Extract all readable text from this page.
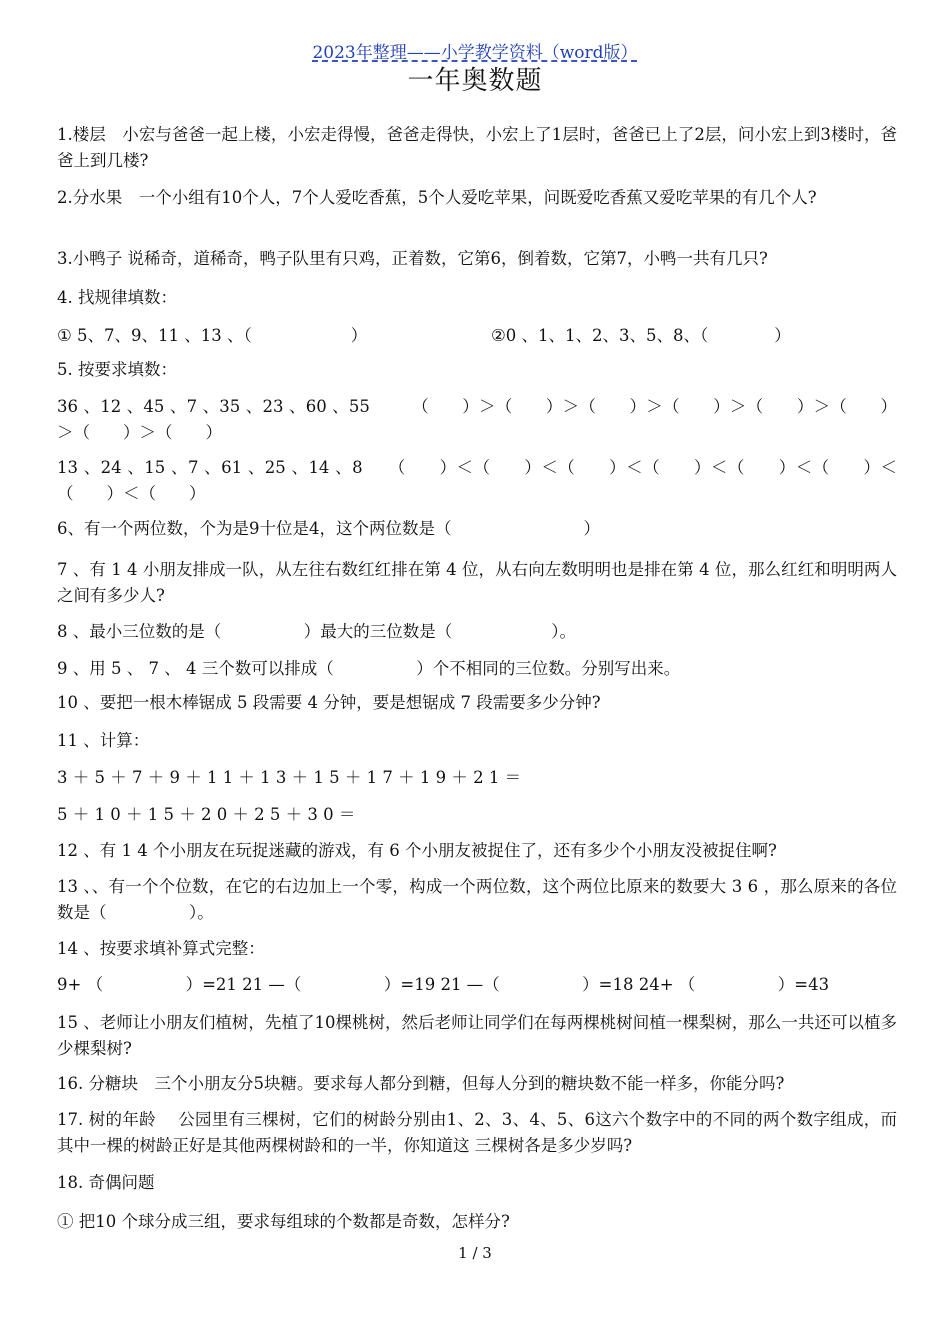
2023年整理——小学教学资料（word版）
一年奥数题
1.楼层　小宏与爸爸一起上楼，小宏走得慢，爸爸走得快，小宏上了1层时，爸爸已上了2层，问小宏上到3楼时，爸爸上到几楼?
2.分水果　一个小组有10个人，7个人爱吃香蕉，5个人爱吃苹果，问既爱吃香蕉又爱吃苹果的有几个人?
3.小鸭子 说稀奇，道稀奇，鸭子队里有只鸡，正着数，它第6，倒着数，它第7，小鸭一共有几只?
4. 找规律填数：
① 5、7、9、11 、13 、（　　　　　　）　　　　　　　　②0 、1、1、2、3、5、8、（　　　　）
5. 按要求填数：
36 、12 、45 、7 、35 、23 、60 、55　　　（　　）＞（　　）＞（　　）＞（　　）＞（　　）＞（　　）＞（　　）＞（　　）
13 、24 、15 、7 、61 、25 、14 、8　　（　　）＜（　　）＜（　　）＜（　　）＜（　　）＜（　　）＜（　　）＜（　　）
6、有一个两位数，个为是9十位是4，这个两位数是（　　　　　　　　）
7 、有 1 4 小朋友排成一队，从左往右数红红排在第 4 位，从右向左数明明也是排在第 4 位，那么红红和明明两人之间有多少人?
8 、最小三位数的是（　　　　　）最大的三位数是（　　　　　　）。
9 、用 5 、 7 、 4 三个数可以排成（　　　　　）个不相同的三位数。分别写出来。
10 、要把一根木棒锯成 5 段需要 4 分钟，要是想锯成 7 段需要多少分钟?
11 、计算：
3 ＋ 5 ＋ 7 ＋ 9 ＋ 1 1 ＋ 1 3 ＋ 1 5 ＋ 1 7 ＋ 1 9 ＋ 2 1 ＝
5 ＋ 1 0 ＋ 1 5 ＋ 2 0 ＋ 2 5 ＋ 3 0 ＝
12 、有 1 4 个小朋友在玩捉迷藏的游戏，有 6 个小朋友被捉住了，还有多少个小朋友没被捉住啊?
13 、、有一个个位数，在它的右边加上一个零，构成一个两位数，这个两位比原来的数要大 3 6 ，那么原来的各位数是（　　　　　）。
14 、按要求填补算式完整：
9+ （　　　　　）=21 21 —（　　　　　）=19 21 —（　　　　　）=18 24+ （　　　　　）=43
15 、老师让小朋友们植树，先植了10棵桃树，然后老师让同学们在每两棵桃树间植一棵梨树，那么一共还可以植多少棵梨树?
16. 分糖块　三个小朋友分5块糖。要求每人都分到糖，但每人分到的糖块数不能一样多，你能分吗?
17. 树的年龄　 公园里有三棵树，它们的树龄分别由1、2、3、4、5、6这六个数字中的不同的两个数字组成，而其中一棵的树龄正好是其他两棵树龄和的一半，你知道这 三棵树各是多少岁吗?
18. 奇偶问题
① 把10 个球分成三组，要求每组球的个数都是奇数，怎样分?
1 / 3
